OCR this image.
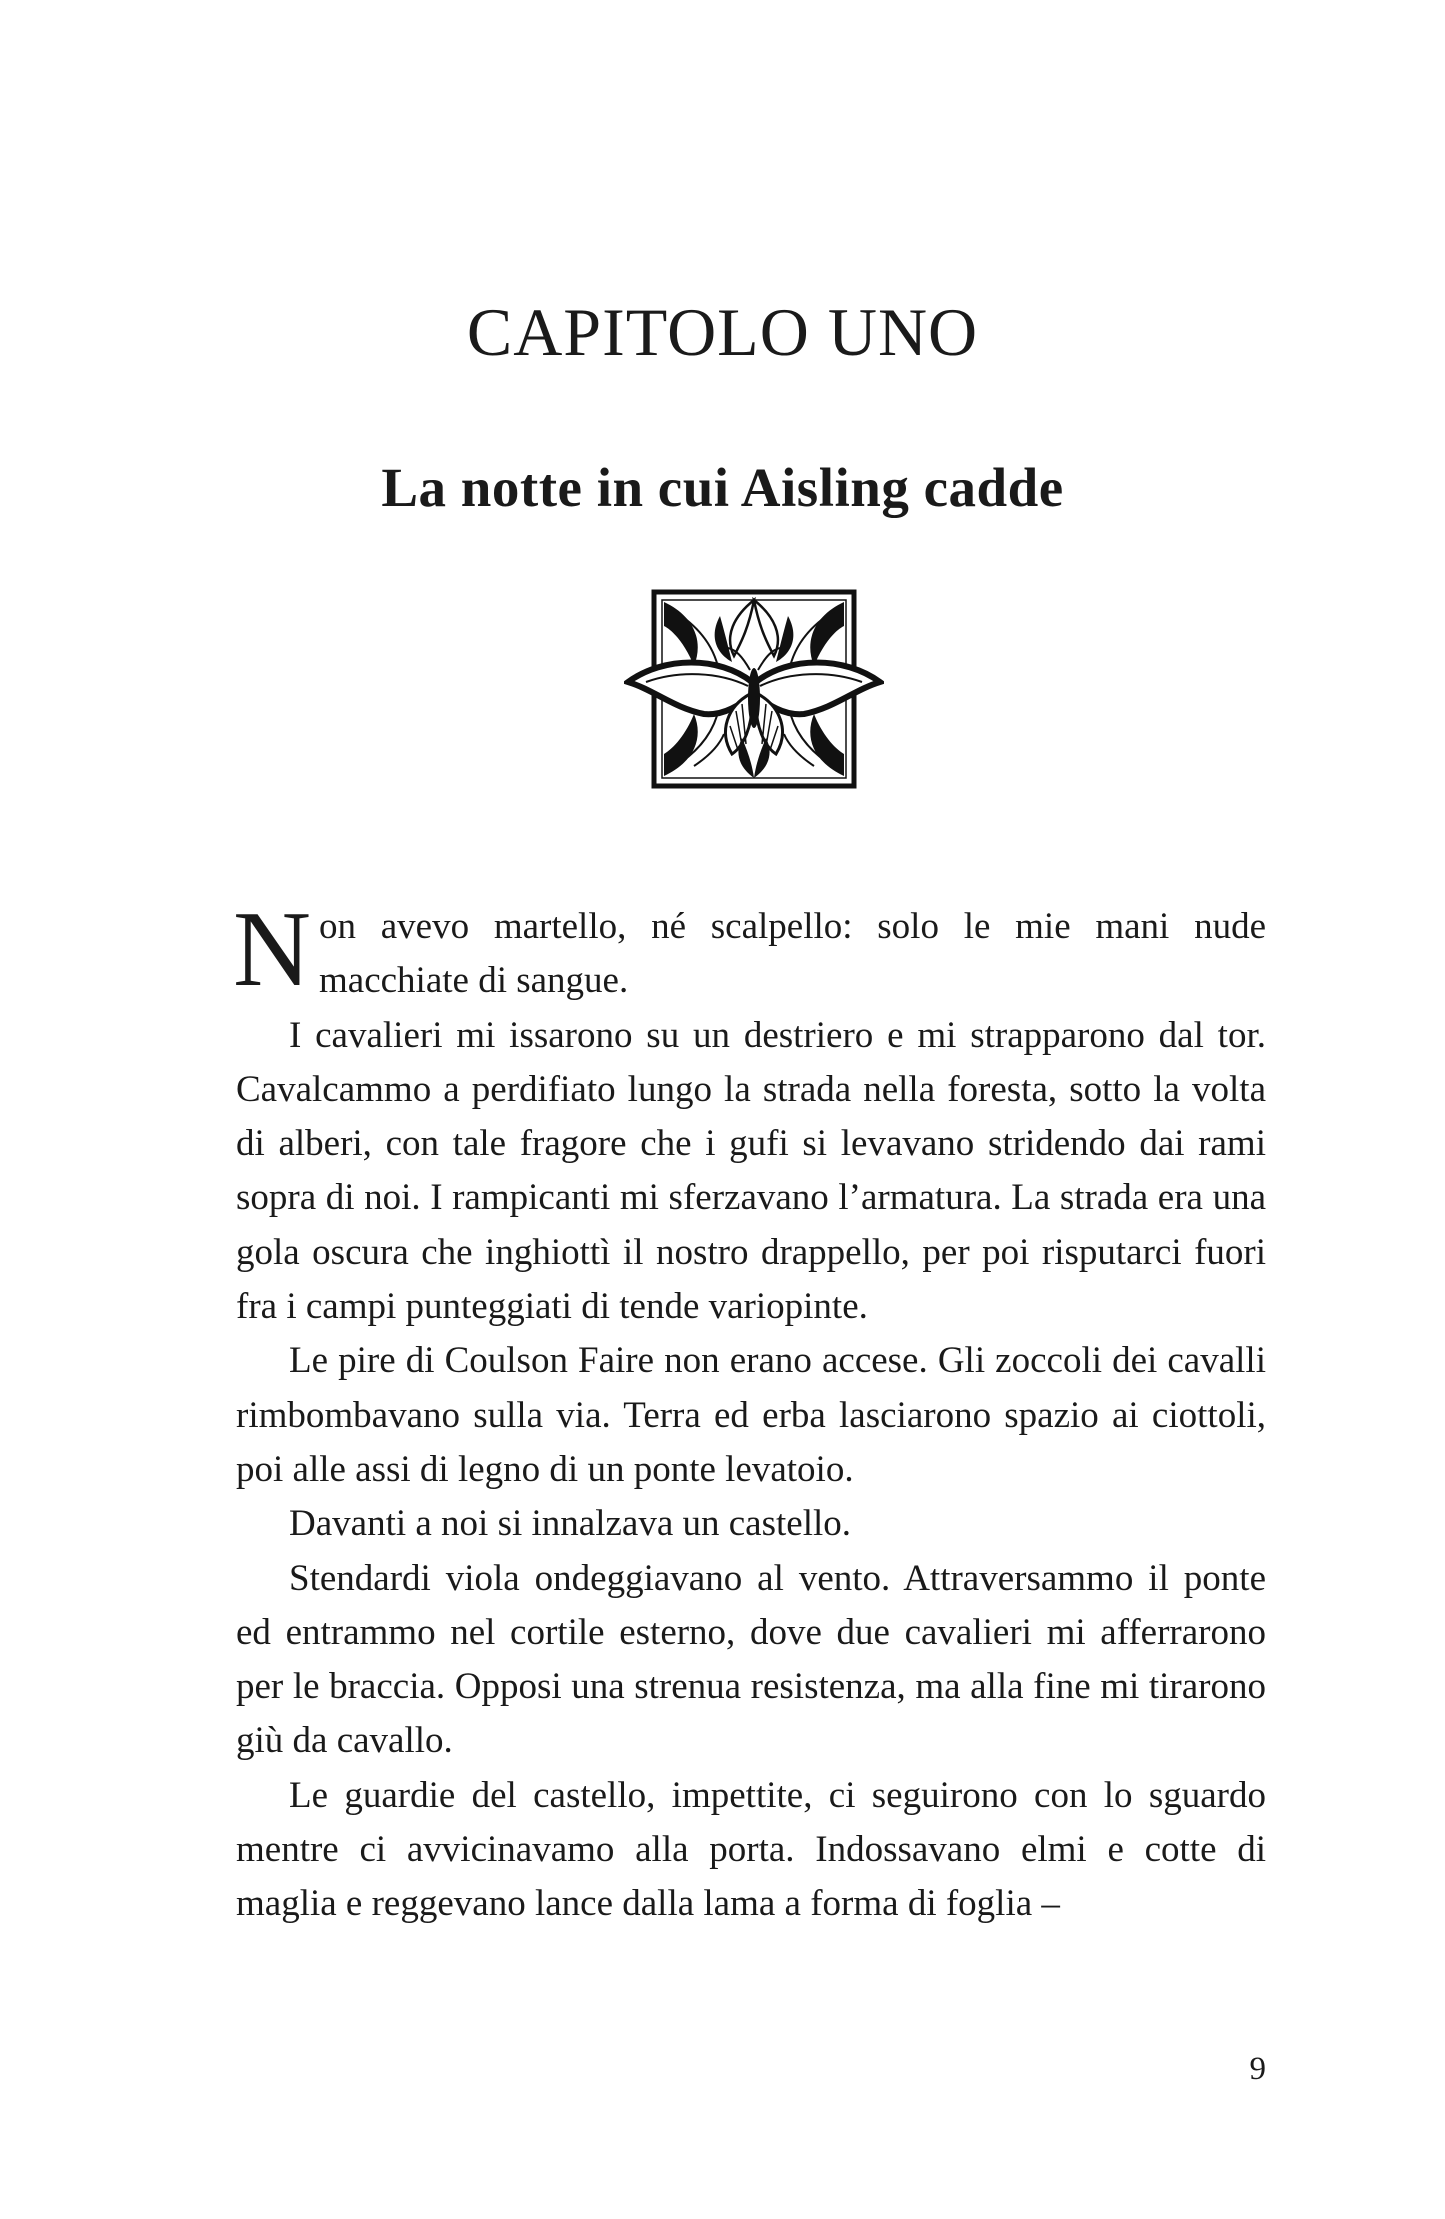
CAPITOLO UNO
La notte in cui Aisling cadde

Non avevo martello, né scalpello: solo le mie mani nude macchiate di sangue.

I cavalieri mi issarono su un destriero e mi strapparono dal tor. Cavalcammo a perdifiato lungo la strada nella foresta, sotto la volta di alberi, con tale fragore che i gufi si levavano stridendo dai rami sopra di noi. I rampicanti mi sferzavano l’armatura. La strada era una gola oscura che inghiottì il nostro drappello, per poi risputarci fuori fra i campi punteggiati di tende variopinte.

Le pire di Coulson Faire non erano accese. Gli zoccoli dei cavalli rimbombavano sulla via. Terra ed erba lasciarono spazio ai ciottoli, poi alle assi di legno di un ponte levatoio.

Davanti a noi si innalzava un castello.

Stendardi viola ondeggiavano al vento. Attraversammo il ponte ed entrammo nel cortile esterno, dove due cavalieri mi afferrarono per le braccia. Opposi una strenua resistenza, ma alla fine mi tirarono giù da cavallo.

Le guardie del castello, impettite, ci seguirono con lo sguardo mentre ci avvicinavamo alla porta. Indossavano elmi e cotte di maglia e reggevano lance dalla lama a forma di foglia –

9
